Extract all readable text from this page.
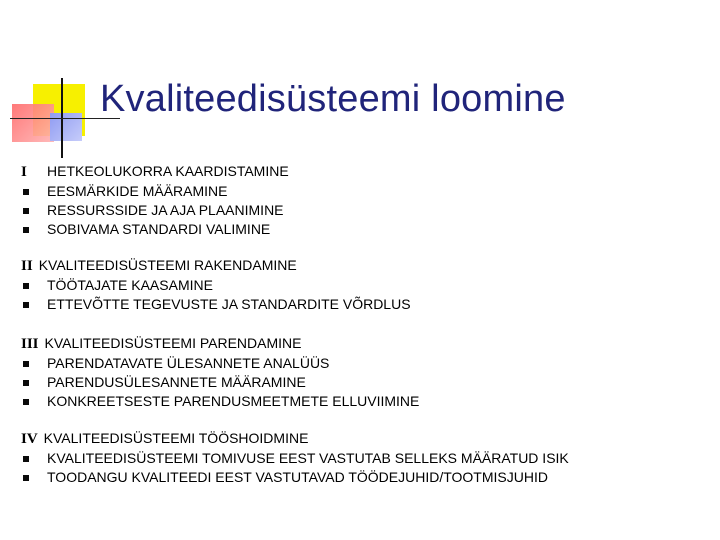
Kvaliteedisüsteemi loomine
I HETKEOLUKORRA KAARDISTAMINE
EESMÄRKIDE MÄÄRAMINE
RESSURSSIDE JA AJA PLAANIMINE
SOBIVAMA STANDARDI VALIMINE
II KVALITEEDISÜSTEEMI RAKENDAMINE
TÖÖTAJATE KAASAMINE
ETTEVÕTTE TEGEVUSTE JA STANDARDITE VÕRDLUS
III KVALITEEDISÜSTEEMI PARENDAMINE
PARENDATAVATE ÜLESANNETE ANALÜÜS
PARENDUSÜLESANNETE MÄÄRAMINE
KONKREETSESTE PARENDUSMEETMETE ELLUVIIMINE
IV KVALITEEDISÜSTEEMI TÖÖSHOIDMINE
KVALITEEDISÜSTEEMI TOMIVUSE EEST VASTUTAB SELLEKS MÄÄRATUD ISIK
TOODANGU KVALITEEDI EEST VASTUTAVAD TÖÖDEJUHID/TOOTMISJUHID
